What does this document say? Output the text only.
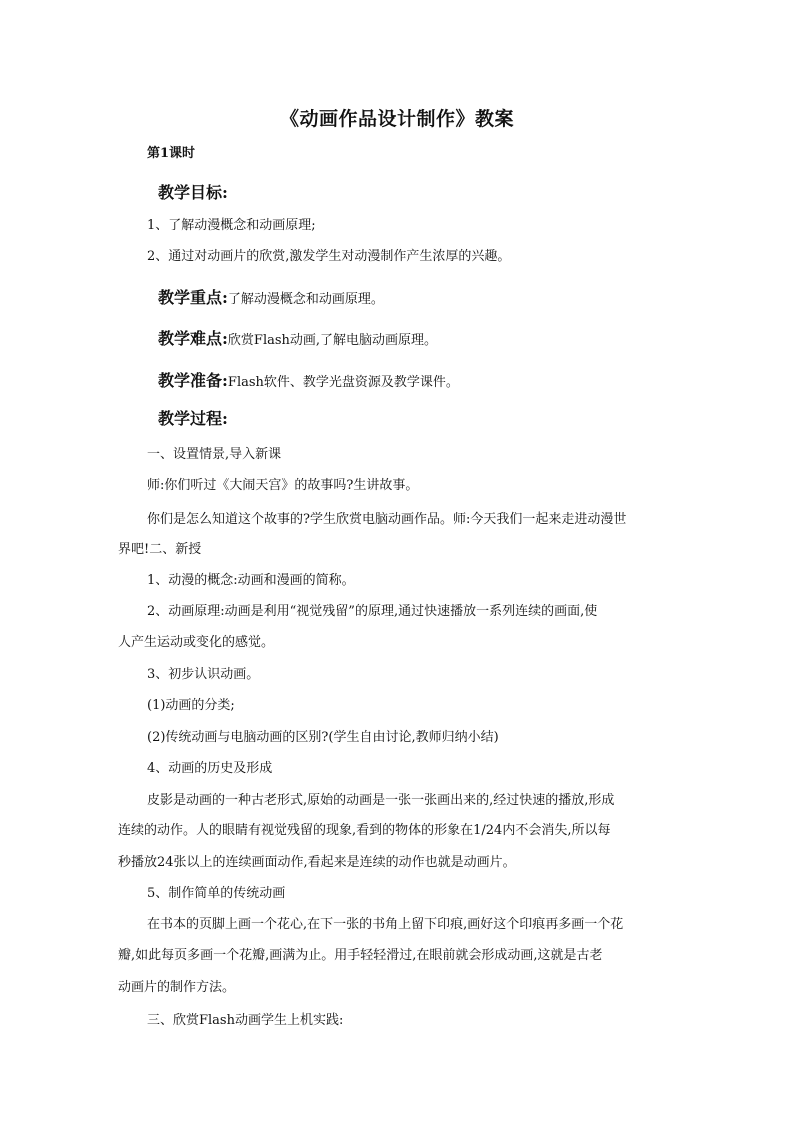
《动画作品设计制作》教案
第1课时
教学目标:
1、了解动漫概念和动画原理;
2、通过对动画片的欣赏,激发学生对动漫制作产生浓厚的兴趣。
教学重点:了解动漫概念和动画原理。
教学难点:欣赏Flash动画,了解电脑动画原理。
教学准备:Flash软件、教学光盘资源及教学课件。
教学过程:
一、设置情景,导入新课
师:你们听过《大闹天宫》的故事吗?生讲故事。
你们是怎么知道这个故事的?学生欣赏电脑动画作品。师:今天我们一起来走进动漫世
界吧!二、新授
1、动漫的概念:动画和漫画的简称。
2、动画原理:动画是利用“视觉残留”的原理,通过快速播放一系列连续的画面,使
人产生运动或变化的感觉。
3、初步认识动画。
(1)动画的分类;
(2)传统动画与电脑动画的区别?(学生自由讨论,教师归纳小结)
4、动画的历史及形成
皮影是动画的一种古老形式,原始的动画是一张一张画出来的,经过快速的播放,形成
连续的动作。人的眼睛有视觉残留的现象,看到的物体的形象在1/24内不会消失,所以每
秒播放24张以上的连续画面动作,看起来是连续的动作也就是动画片。
5、制作简单的传统动画
在书本的页脚上画一个花心,在下一张的书角上留下印痕,画好这个印痕再多画一个花
瓣,如此每页多画一个花瓣,画满为止。用手轻轻滑过,在眼前就会形成动画,这就是古老
动画片的制作方法。
三、欣赏Flash动画学生上机实践:
